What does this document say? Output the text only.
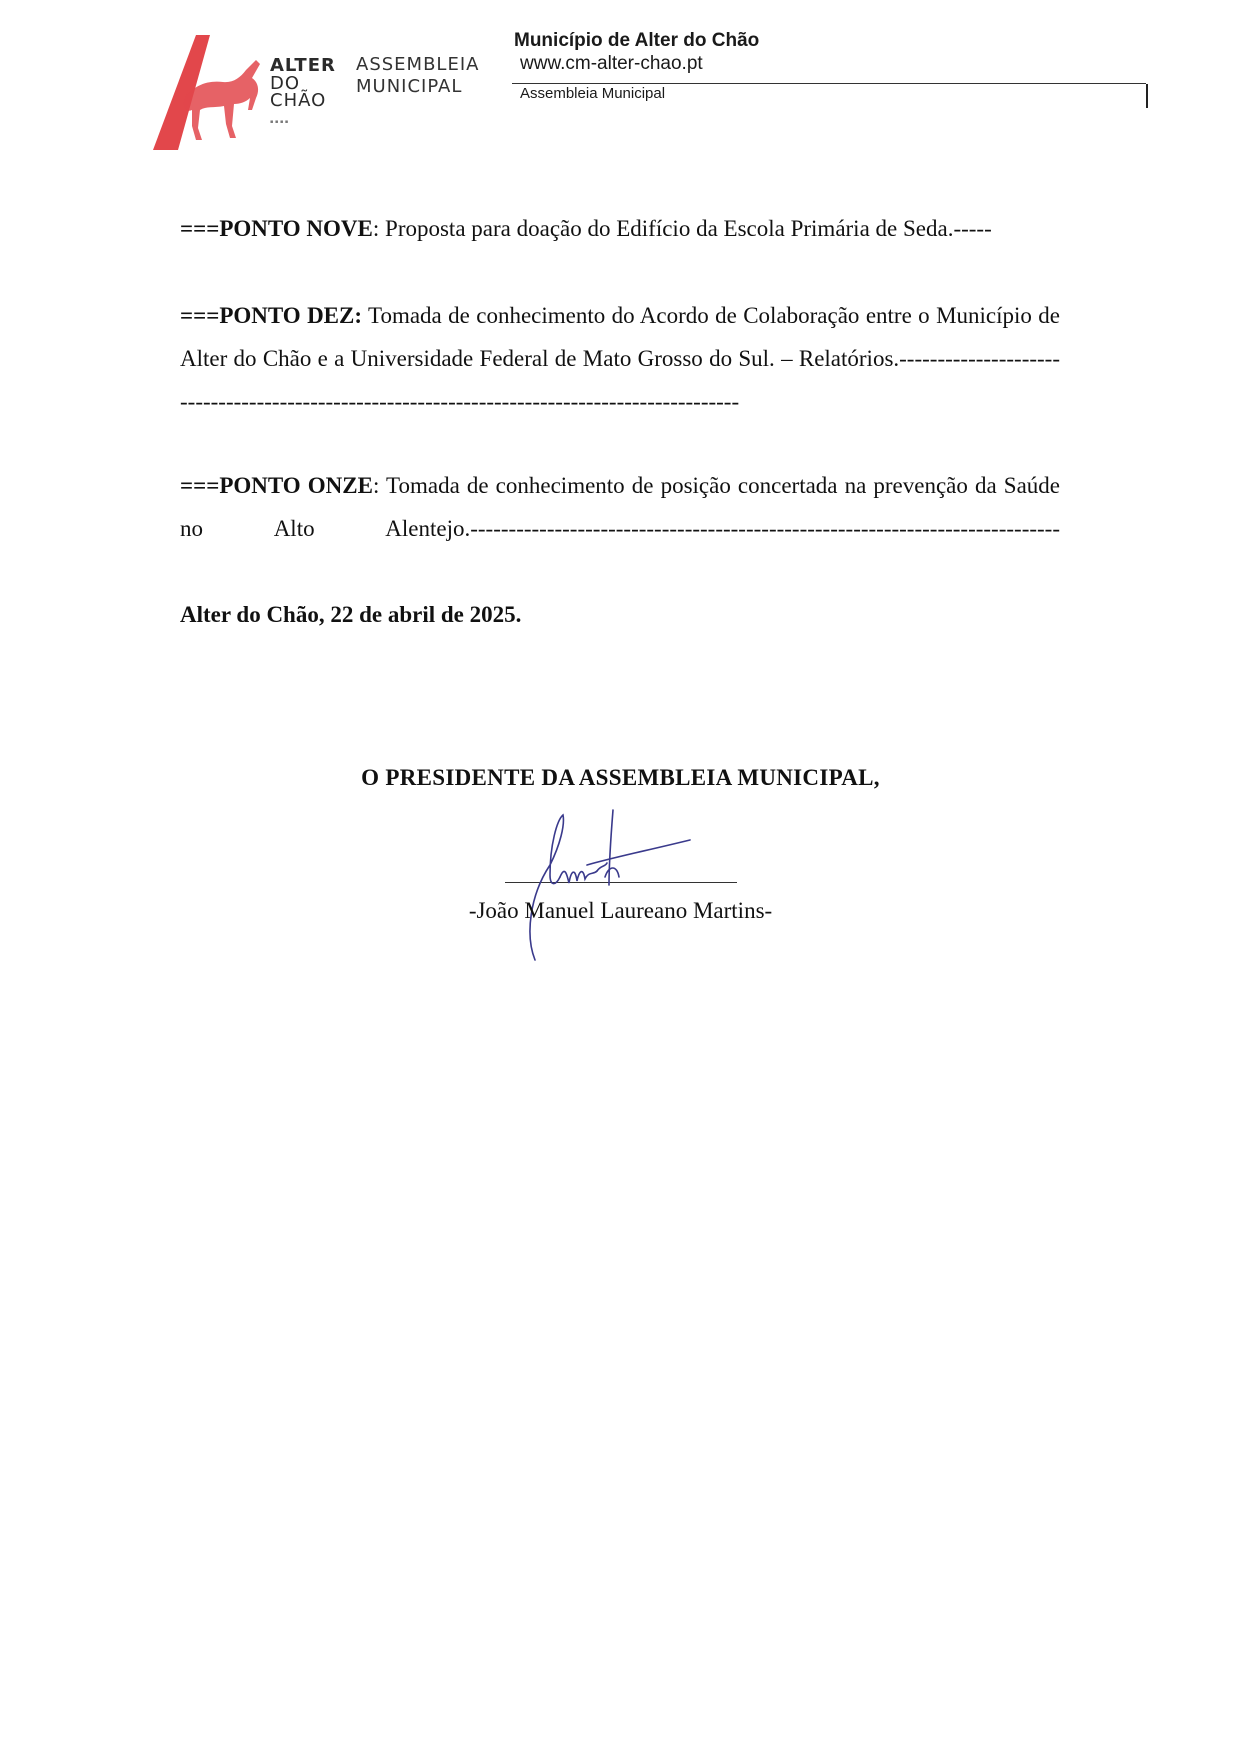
ALTER
DO
CHÃO
▪ ▪ ▪ ▪
ASSEMBLEIA
MUNICIPAL
Município de Alter do Chão
www.cm-alter-chao.pt
Assembleia Municipal
===PONTO NOVE: Proposta para doação do Edifício da Escola Primária de Seda.-----
===PONTO DEZ: Tomada de conhecimento do Acordo de Colaboração entre o Município de Alter do Chão e a Universidade Federal de Mato Grosso do Sul. – Relatórios.----------------------------------------------------------------------------------------------
===PONTO ONZE: Tomada de conhecimento de posição concertada na prevenção da Saúde no Alto Alentejo.-----------------------------------------------------------------------------
Alter do Chão, 22 de abril de 2025.
O PRESIDENTE DA ASSEMBLEIA MUNICIPAL,
-João Manuel Laureano Martins-
